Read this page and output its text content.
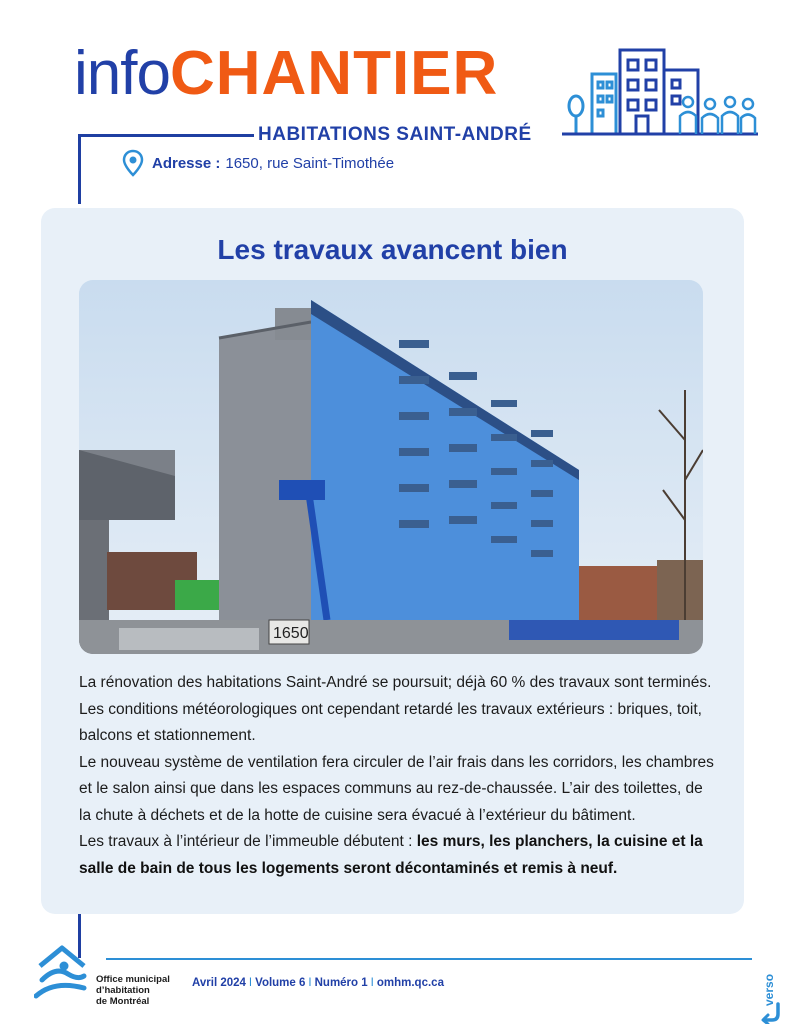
infoCHANTIER
HABITATIONS SAINT-ANDRÉ
Adresse : 1650, rue Saint-Timothée
Les travaux avancent bien
1650

La rénovation des habitations Saint-André se poursuit; déjà 60 % des travaux sont terminés. Les conditions météorologiques ont cependant retardé les travaux extérieurs : briques, toit, balcons et stationnement.

Le nouveau système de ventilation fera circuler de l’air frais dans les corridors, les chambres et le salon ainsi que dans les espaces communs au rez-de-chaussée. L’air des toilettes, de la chute à déchets et de la hotte de cuisine sera évacué à l’extérieur du bâtiment.

Les travaux à l’intérieur de l’immeuble débutent : les murs, les planchers, la cuisine et la salle de bain de tous les logements seront décontaminés et remis à neuf.

Office municipal
d’habitation
de Montréal
Avril 2024 I Volume 6 I Numéro 1 I omhm.qc.ca	verso
